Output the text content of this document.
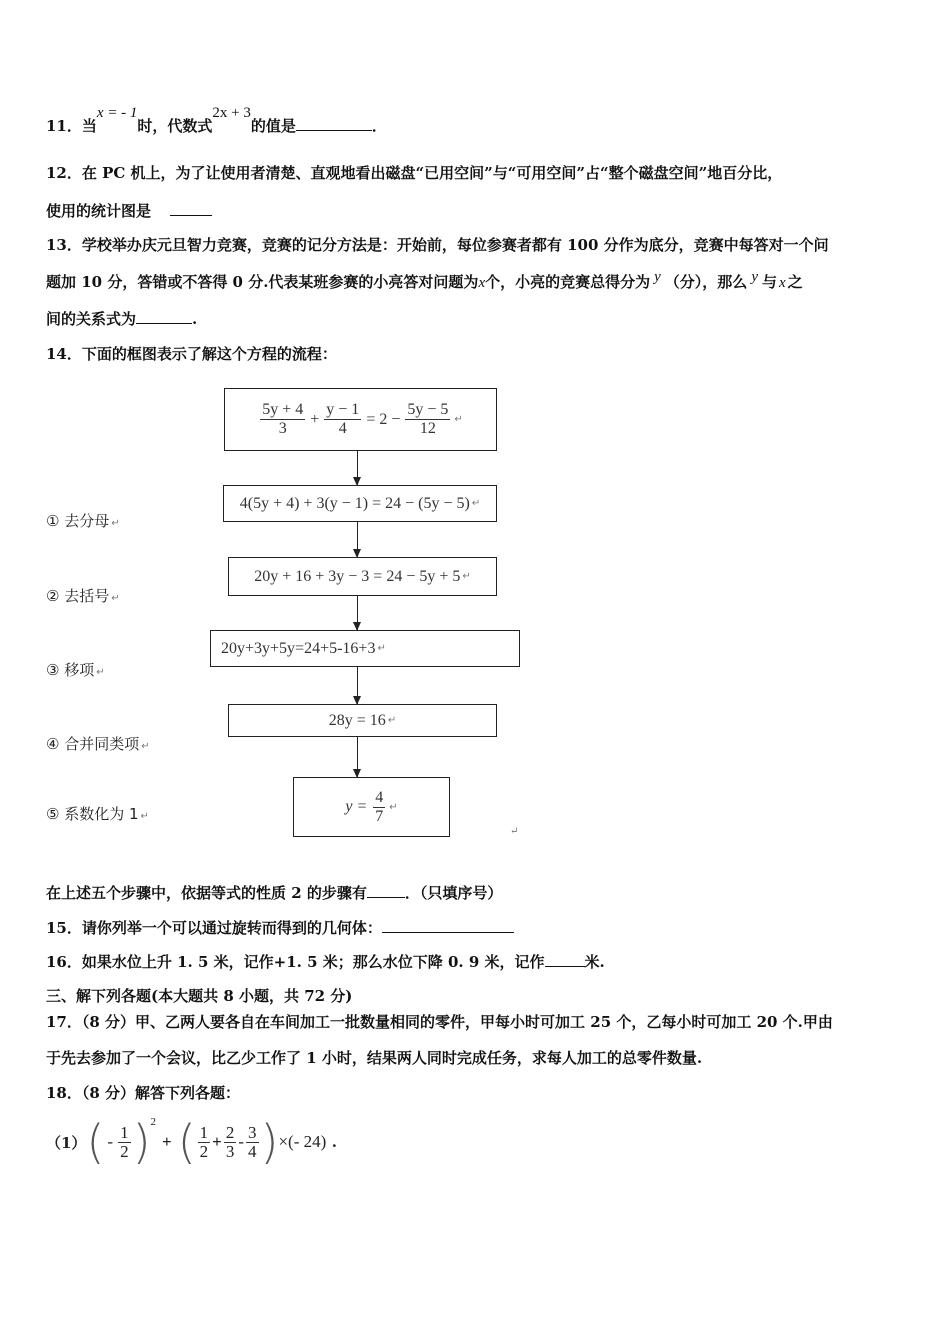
11．当x = - 1时，代数式2x + 3的值是	．
12．在 PC 机上，为了让使用者清楚、直观地看出磁盘“已用空间”与“可用空间”占“整个磁盘空间”地百分比，
使用的统计图是
13．学校举办庆元旦智力竞赛，竞赛的记分方法是：开始前，每位参赛者都有 100 分作为底分，竞赛中每答对一个问
题加 10 分，答错或不答得 0 分.代表某班参赛的小亮答对问题为x个，小亮的竞赛总得分为 y （分），那么 y 与 x 之
间的关系式为	.
14．下面的框图表示了解这个方程的流程：
$\frac{5y + 4}{3} + \frac{y - 1}{4} = 2 - \frac{5y - 5}{12}$ ↵
4(5y + 4) + 3(y − 1) = 24 − (5y − 5) ↵
20y + 16 + 3y − 3 = 24 − 5y + 5 ↵
20y+3y+5y=24+5-16+3 ↵
28y = 16 ↵
$y = \frac{4}{7}$ ↵
↵
① 去分母 ↵
② 去括号 ↵
③ 移项 ↵
④ 合并同类项 ↵
⑤ 系数化为 1 ↵
在上述五个步骤中，依据等式的性质 2 的步骤有	．（只填序号）
15．请你列举一个可以通过旋转而得到的几何体：
16．如果水位上升 1. 5 米，记作+1. 5 米；那么水位下降 0. 9 米，记作	米.
三、解下列各题(本大题共 8 小题，共 72 分)
17．（8 分）甲、乙两人要各自在车间加工一批数量相同的零件，甲每小时可加工 25 个，乙每小时可加工 20 个.甲由
于先去参加了一个会议，比乙少工作了 1 小时，结果两人同时完成任务，求每人加工的总零件数量.
18．（8 分）解答下列各题：
（1） ( - $\frac{1}{2}$ ) 2
+ ( $\frac{1}{2} + \frac{2}{3} - \frac{3}{4}$ ) ×(- 24) .
